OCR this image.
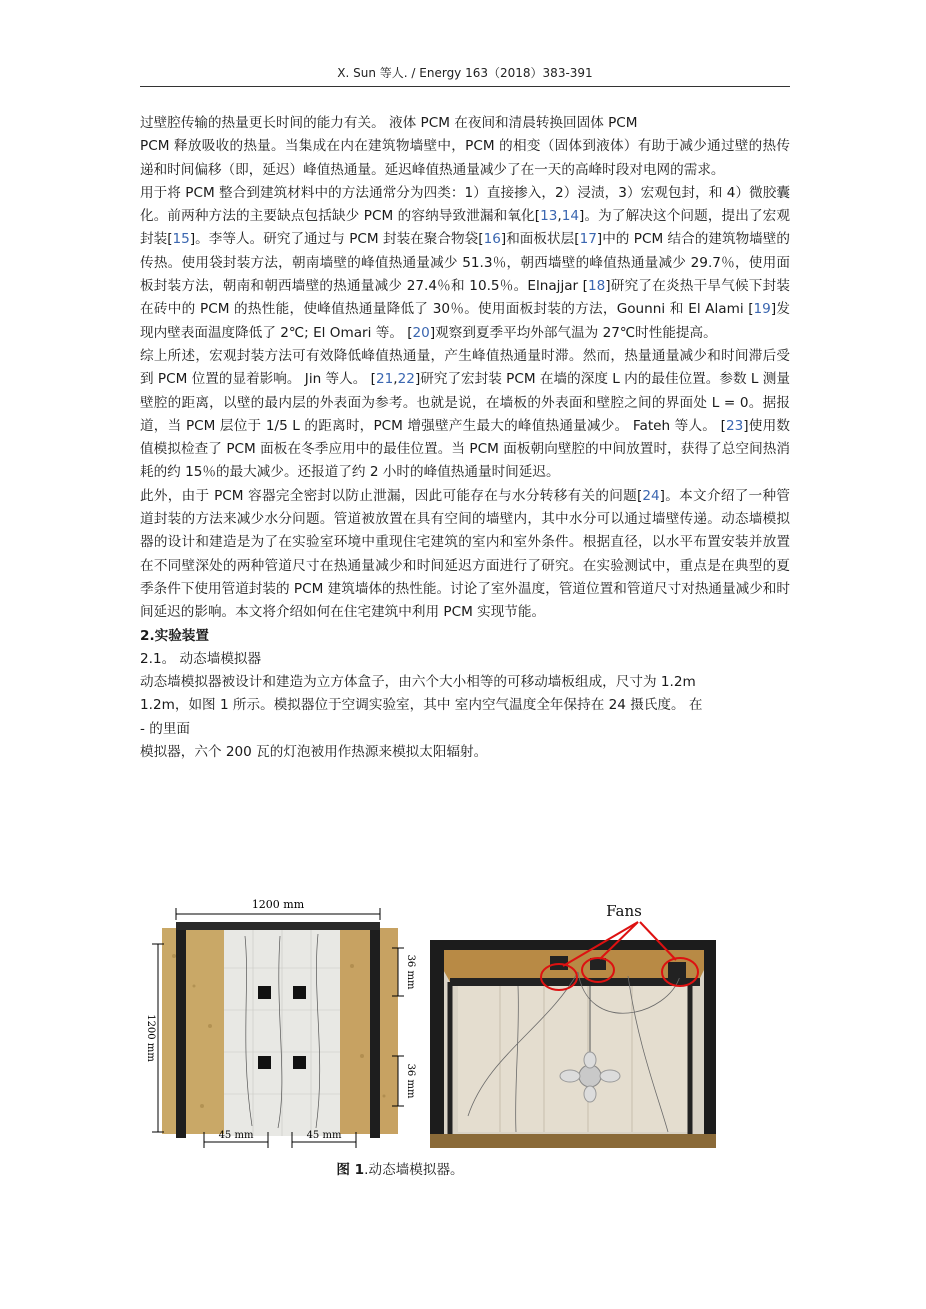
X. Sun 等人. / Energy 163（2018）383-391

过壁腔传输的热量更长时间的能力有关。 液体 PCM 在夜间和清晨转换回固体 PCM
PCM 释放吸收的热量。当集成在内在建筑物墙壁中，PCM 的相变（固体到液体）有助于减少通过壁的热传递和时间偏移（即，延迟）峰值热通量。延迟峰值热通量减少了在一天的高峰时段对电网的需求。

用于将 PCM 整合到建筑材料中的方法通常分为四类：1）直接掺入，2）浸渍，3）宏观包封，和 4）微胶囊化。前两种方法的主要缺点包括缺少 PCM 的容纳导致泄漏和氧化[13,14]。为了解决这个问题，提出了宏观封装[15]。李等人。研究了通过与 PCM 封装在聚合物袋[16]和面板状层[17]中的 PCM 结合的建筑物墙壁的传热。使用袋封装方法，朝南墙壁的峰值热通量减少 51.3％，朝西墙壁的峰值热通量减少 29.7％，使用面板封装方法，朝南和朝西墙壁的热通量减少 27.4％和 10.5％。Elnajjar [18]研究了在炎热干旱气候下封装在砖中的 PCM 的热性能，使峰值热通量降低了 30％。使用面板封装的方法，Gounni 和 El Alami [19]发现内壁表面温度降低了 2℃; El Omari 等。 [20]观察到夏季平均外部气温为 27℃时性能提高。

综上所述，宏观封装方法可有效降低峰值热通量，产生峰值热通量时滞。然而，热量通量减少和时间滞后受到 PCM 位置的显着影响。 Jin 等人。 [21,22]研究了宏封装 PCM 在墙的深度 L 内的最佳位置。参数 L 测量壁腔的距离，以壁的最内层的外表面为参考。也就是说，在墙板的外表面和壁腔之间的界面处 L = 0。据报道，当 PCM 层位于 1/5 L 的距离时，PCM 增强壁产生最大的峰值热通量减少。 Fateh 等人。 [23]使用数值模拟检查了 PCM 面板在冬季应用中的最佳位置。当 PCM 面板朝向壁腔的中间放置时，获得了总空间热消耗的约 15％的最大减少。还报道了约 2 小时的峰值热通量时间延迟。

此外，由于 PCM 容器完全密封以防止泄漏，因此可能存在与水分转移有关的问题[24]。本文介绍了一种管道封装的方法来减少水分问题。管道被放置在具有空间的墙壁内，其中水分可以通过墙壁传递。动态墙模拟器的设计和建造是为了在实验室环境中重现住宅建筑的室内和室外条件。根据直径，以水平布置安装并放置在不同壁深处的两种管道尺寸在热通量减少和时间延迟方面进行了研究。在实验测试中，重点是在典型的夏季条件下使用管道封装的 PCM 建筑墙体的热性能。讨论了室外温度，管道位置和管道尺寸对热通量减少和时间延迟的影响。本文将介绍如何在住宅建筑中利用 PCM 实现节能。

2.实验装置

2.1。 动态墙模拟器

动态墙模拟器被设计和建造为立方体盒子，由六个大小相等的可移动墙板组成，尺寸为 1.2m
1.2m，如图 1 所示。模拟器位于空调实验室，其中 室内空气温度全年保持在 24 摄氏度。 在
- 的里面
模拟器，六个 200 瓦的灯泡被用作热源来模拟太阳辐射。

1200 mm
1200 mm
36 mm
36 mm
45 mm	45 mm
Fans
图 1.动态墙模拟器。
